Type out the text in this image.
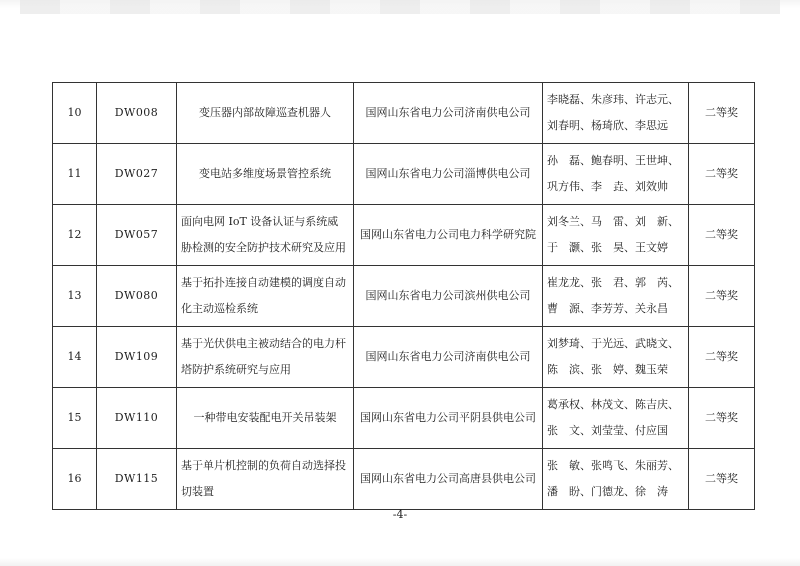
10	DW008	变压器内部故障巡查机器人	国网山东省电力公司济南供电公司	李晓磊、朱彦玮、许志元、
刘春明、杨琦欣、李思远	二等奖
11	DW027	变电站多维度场景管控系统	国网山东省电力公司淄博供电公司	孙　磊、鲍春明、王世坤、
巩方伟、李　垚、刘效帅	二等奖
12	DW057	面向电网 IoT 设备认证与系统威胁检测的安全防护技术研究及应用	国网山东省电力公司电力科学研究院	刘冬兰、马　雷、刘　新、
于　灏、张　昊、王文婷	二等奖
13	DW080	基于拓扑连接自动建模的调度自动化主动巡检系统	国网山东省电力公司滨州供电公司	崔龙龙、张　君、郭　芮、
曹　源、李芳芳、关永昌	二等奖
14	DW109	基于光伏供电主被动结合的电力杆塔防护系统研究与应用	国网山东省电力公司济南供电公司	刘梦琦、于光远、武晓文、
陈　滨、张　婷、魏玉荣	二等奖
15	DW110	一种带电安装配电开关吊装架	国网山东省电力公司平阴县供电公司	葛承权、林茂文、陈吉庆、
张　文、刘莹莹、付应国	二等奖
16	DW115	基于单片机控制的负荷自动选择投切装置	国网山东省电力公司高唐县供电公司	张　敏、张鸣飞、朱丽芳、
潘　盼、门德龙、徐　涛	二等奖
-4-
